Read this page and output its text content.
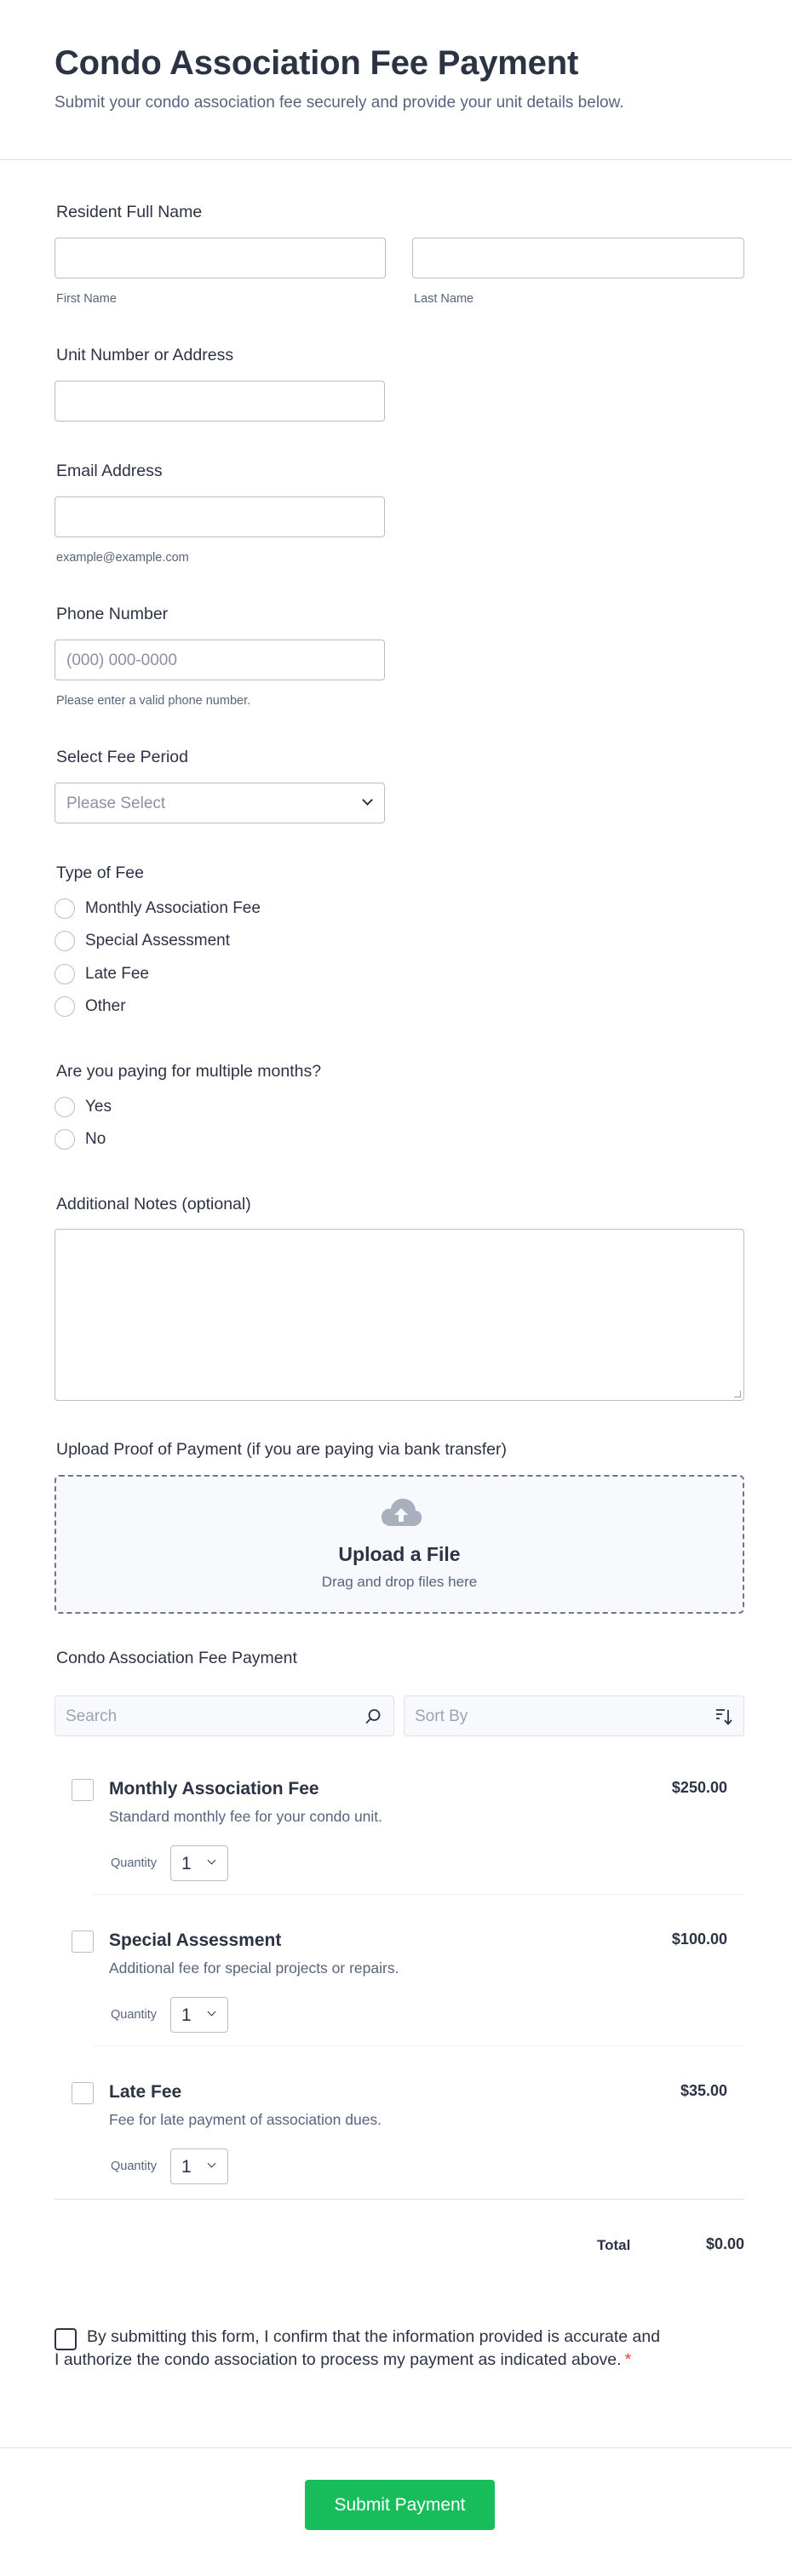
Condo Association Fee Payment
Submit your condo association fee securely and provide your unit details below.
Resident Full Name
First Name	Last Name
Unit Number or Address
Email Address
example@example.com
Phone Number
(000) 000-0000
Please enter a valid phone number.
Select Fee Period
Please Select
Type of Fee
Monthly Association Fee
Special Assessment
Late Fee
Other
Are you paying for multiple months?
Yes
No
Additional Notes (optional)
Upload Proof of Payment (if you are paying via bank transfer)
Upload a File
Drag and drop files here
Condo Association Fee Payment
Search	Sort By
Monthly Association Fee
Standard monthly fee for your condo unit.
$250.00
Quantity 1
Special Assessment
Additional fee for special projects or repairs.
$100.00
Quantity 1
Late Fee
Fee for late payment of association dues.
$35.00
Quantity 1
Total	$0.00
By submitting this form, I confirm that the information provided is accurate and I authorize the condo association to process my payment as indicated above. *
Submit Payment
